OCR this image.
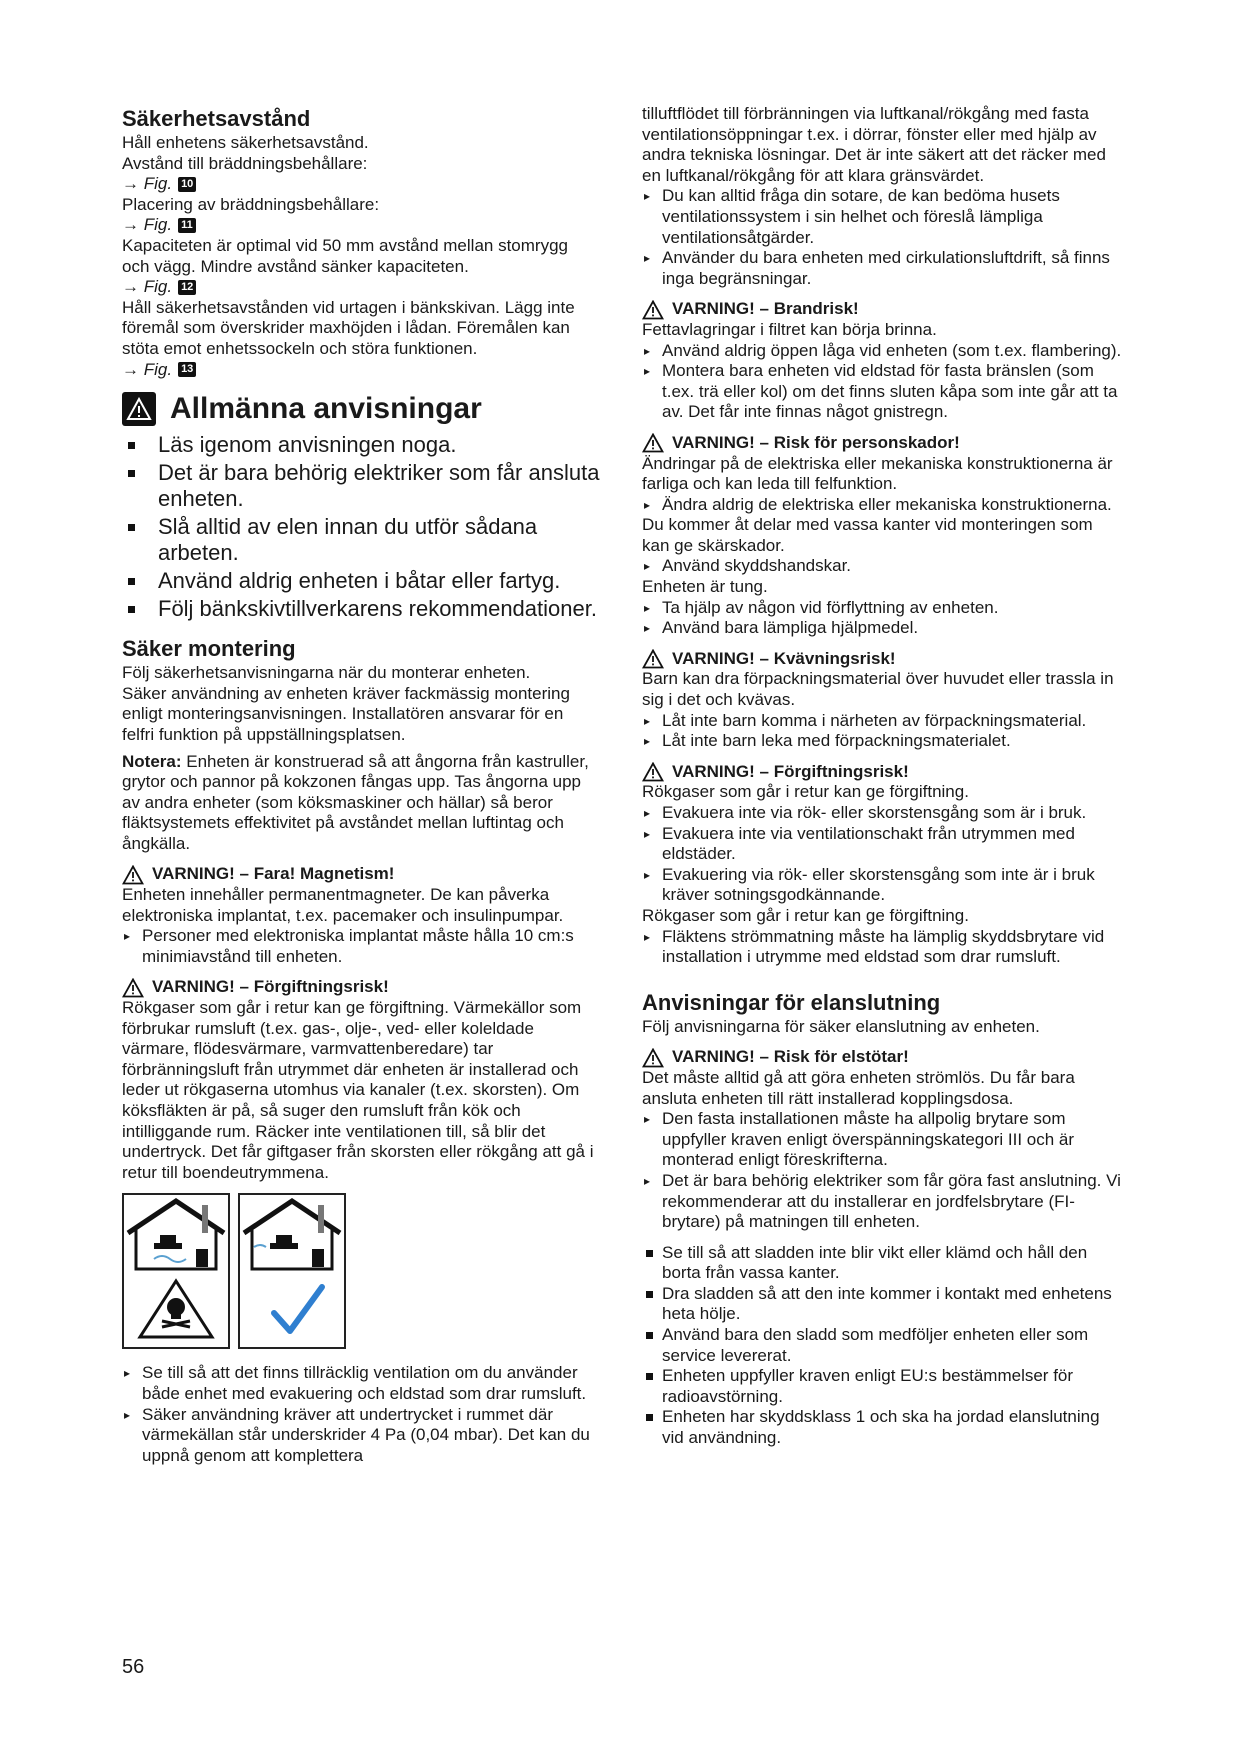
Säkerhetsavstånd

Håll enhetens säkerhetsavstånd.

Avstånd till bräddningsbehållare:

→ Fig. 10

Placering av bräddningsbehållare:

→ Fig. 11

Kapaciteten är optimal vid 50 mm avstånd mellan stomrygg och vägg. Mindre avstånd sänker kapaciteten.

→ Fig. 12

Håll säkerhetsavstånden vid urtagen i bänkskivan. Lägg inte föremål som överskrider maxhöjden i lådan. Föremålen kan stöta emot enhetssockeln och störa funktionen.

→ Fig. 13
Allmänna anvisningar
Läs igenom anvisningen noga.
Det är bara behörig elektriker som får ansluta enheten.
Slå alltid av elen innan du utför sådana arbeten.
Använd aldrig enheten i båtar eller fartyg.
Följ bänkskivtillverkarens rekommendationer.
Säker montering

Följ säkerhetsanvisningarna när du monterar enheten.

Säker användning av enheten kräver fackmässig montering enligt monteringsanvisningen. Installatören ansvarar för en felfri funktion på uppställningsplatsen.

Notera: Enheten är konstruerad så att ångorna från kastruller, grytor och pannor på kokzonen fångas upp. Tas ångorna upp av andra enheter (som köksmaskiner och hällar) så beror fläktsystemets effektivitet på avståndet mellan luftintag och ångkälla.

VARNING! – Fara! Magnetism!

Enheten innehåller permanentmagneter. De kan påverka elektroniska implantat, t.ex. pacemaker och insulinpumpar.

▸ Personer med elektroniska implantat måste hålla 10 cm:s minimiavstånd till enheten.
VARNING! – Förgiftningsrisk!

Rökgaser som går i retur kan ge förgiftning. Värmekällor som förbrukar rumsluft (t.ex. gas-, olje-, ved- eller koleldade värmare, flödesvärmare, varmvattenberedare) tar förbränningsluft från utrymmet där enheten är installerad och leder ut rökgaserna utomhus via kanaler (t.ex. skorsten). Om köksfläkten är på, så suger den rumsluft från kök och intilliggande rum. Räcker inte ventilationen till, så blir det undertryck. Det får giftgaser från skorsten eller rökgång att gå i retur till boendeutrymmena.

▸ Se till så att det finns tillräcklig ventilation om du använder både enhet med evakuering och eldstad som drar rumsluft.
▸ Säker användning kräver att undertrycket i rummet där värmekällan står underskrider 4 Pa (0,04 mbar). Det kan du uppnå genom att komplettera

tilluftflödet till förbränningen via luftkanal/rökgång med fasta ventilationsöppningar t.ex. i dörrar, fönster eller med hjälp av andra tekniska lösningar. Det är inte säkert att det räcker med en luftkanal/rökgång för att klara gränsvärdet.

▸ Du kan alltid fråga din sotare, de kan bedöma husets ventilationssystem i sin helhet och föreslå lämpliga ventilationsåtgärder.
▸ Använder du bara enheten med cirkulationsluftdrift, så finns inga begränsningar.
VARNING! – Brandrisk!

Fettavlagringar i filtret kan börja brinna.

▸ Använd aldrig öppen låga vid enheten (som t.ex. flambering).
▸ Montera bara enheten vid eldstad för fasta bränslen (som t.ex. trä eller kol) om det finns sluten kåpa som inte går att ta av. Det får inte finnas något gnistregn.
VARNING! – Risk för personskador!

Ändringar på de elektriska eller mekaniska konstruktionerna är farliga och kan leda till felfunktion.

▸ Ändra aldrig de elektriska eller mekaniska konstruktionerna.

Du kommer åt delar med vassa kanter vid monteringen som kan ge skärskador.

▸ Använd skyddshandskar.

Enheten är tung.

▸ Ta hjälp av någon vid förflyttning av enheten.
▸ Använd bara lämpliga hjälpmedel.
VARNING! – Kvävningsrisk!

Barn kan dra förpackningsmaterial över huvudet eller trassla in sig i det och kvävas.

▸ Låt inte barn komma i närheten av förpackningsmaterial.
▸ Låt inte barn leka med förpackningsmaterialet.
VARNING! – Förgiftningsrisk!

Rökgaser som går i retur kan ge förgiftning.

▸ Evakuera inte via rök- eller skorstensgång som är i bruk.
▸ Evakuera inte via ventilationschakt från utrymmen med eldstäder.
▸ Evakuering via rök- eller skorstensgång som inte är i bruk kräver sotningsgodkännande.

Rökgaser som går i retur kan ge förgiftning.

▸ Fläktens strömmatning måste ha lämplig skyddsbrytare vid installation i utrymme med eldstad som drar rumsluft.
Anvisningar för elanslutning

Följ anvisningarna för säker elanslutning av enheten.

VARNING! – Risk för elstötar!

Det måste alltid gå att göra enheten strömlös. Du får bara ansluta enheten till rätt installerad kopplingsdosa.

▸ Den fasta installationen måste ha allpolig brytare som uppfyller kraven enligt överspänningskategori III och är monterad enligt föreskrifterna.
▸ Det är bara behörig elektriker som får göra fast anslutning. Vi rekommenderar att du installerar en jordfelsbrytare (FI-brytare) på matningen till enheten.
Se till så att sladden inte blir vikt eller klämd och håll den borta från vassa kanter.
Dra sladden så att den inte kommer i kontakt med enhetens heta hölje.
Använd bara den sladd som medföljer enheten eller som service levererat.
Enheten uppfyller kraven enligt EU:s bestämmelser för radioavstörning.
Enheten har skyddsklass 1 och ska ha jordad elanslutning vid användning.
56
